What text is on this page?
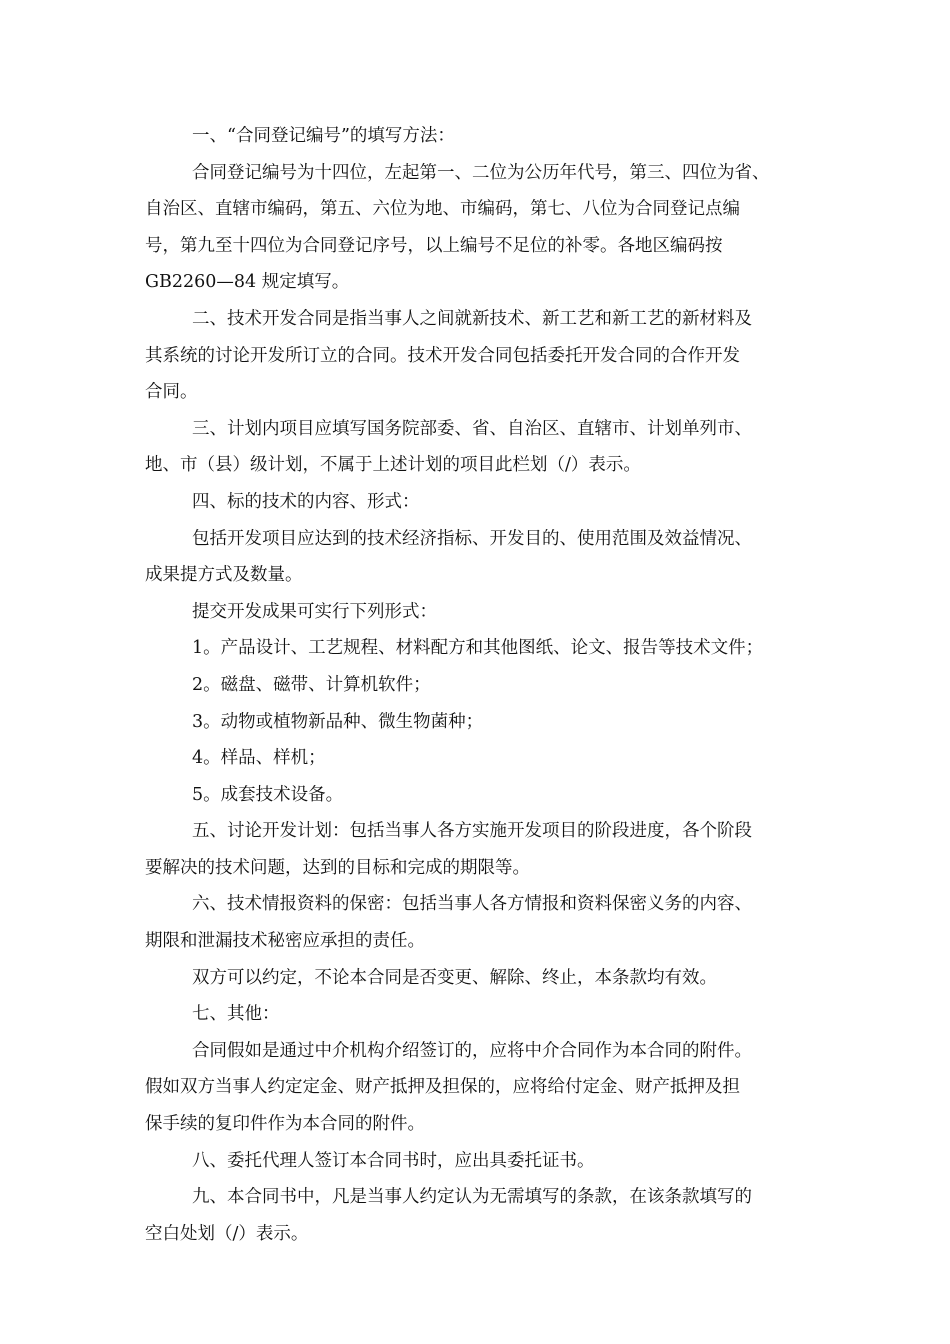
一、“合同登记编号”的填写方法：
合同登记编号为十四位，左起第一、二位为公历年代号，第三、四位为省、
自治区、直辖市编码，第五、六位为地、市编码，第七、八位为合同登记点编
号，第九至十四位为合同登记序号，以上编号不足位的补零。各地区编码按
GB2260—84 规定填写。
二、技术开发合同是指当事人之间就新技术、新工艺和新工艺的新材料及
其系统的讨论开发所订立的合同。技术开发合同包括委托开发合同的合作开发
合同。
三、计划内项目应填写国务院部委、省、自治区、直辖市、计划单列市、
地、市（县）级计划，不属于上述计划的项目此栏划（/）表示。
四、标的技术的内容、形式：
包括开发项目应达到的技术经济指标、开发目的、使用范围及效益情况、
成果提方式及数量。
提交开发成果可实行下列形式：
1。产品设计、工艺规程、材料配方和其他图纸、论文、报告等技术文件；
2。磁盘、磁带、计算机软件；
3。动物或植物新品种、微生物菌种；
4。样品、样机；
5。成套技术设备。
五、讨论开发计划：包括当事人各方实施开发项目的阶段进度，各个阶段
要解决的技术问题，达到的目标和完成的期限等。
六、技术情报资料的保密：包括当事人各方情报和资料保密义务的内容、
期限和泄漏技术秘密应承担的责任。
双方可以约定，不论本合同是否变更、解除、终止，本条款均有效。
七、其他：
合同假如是通过中介机构介绍签订的，应将中介合同作为本合同的附件。
假如双方当事人约定定金、财产抵押及担保的，应将给付定金、财产抵押及担
保手续的复印件作为本合同的附件。
八、委托代理人签订本合同书时，应出具委托证书。
九、本合同书中，凡是当事人约定认为无需填写的条款，在该条款填写的
空白处划（/）表示。
